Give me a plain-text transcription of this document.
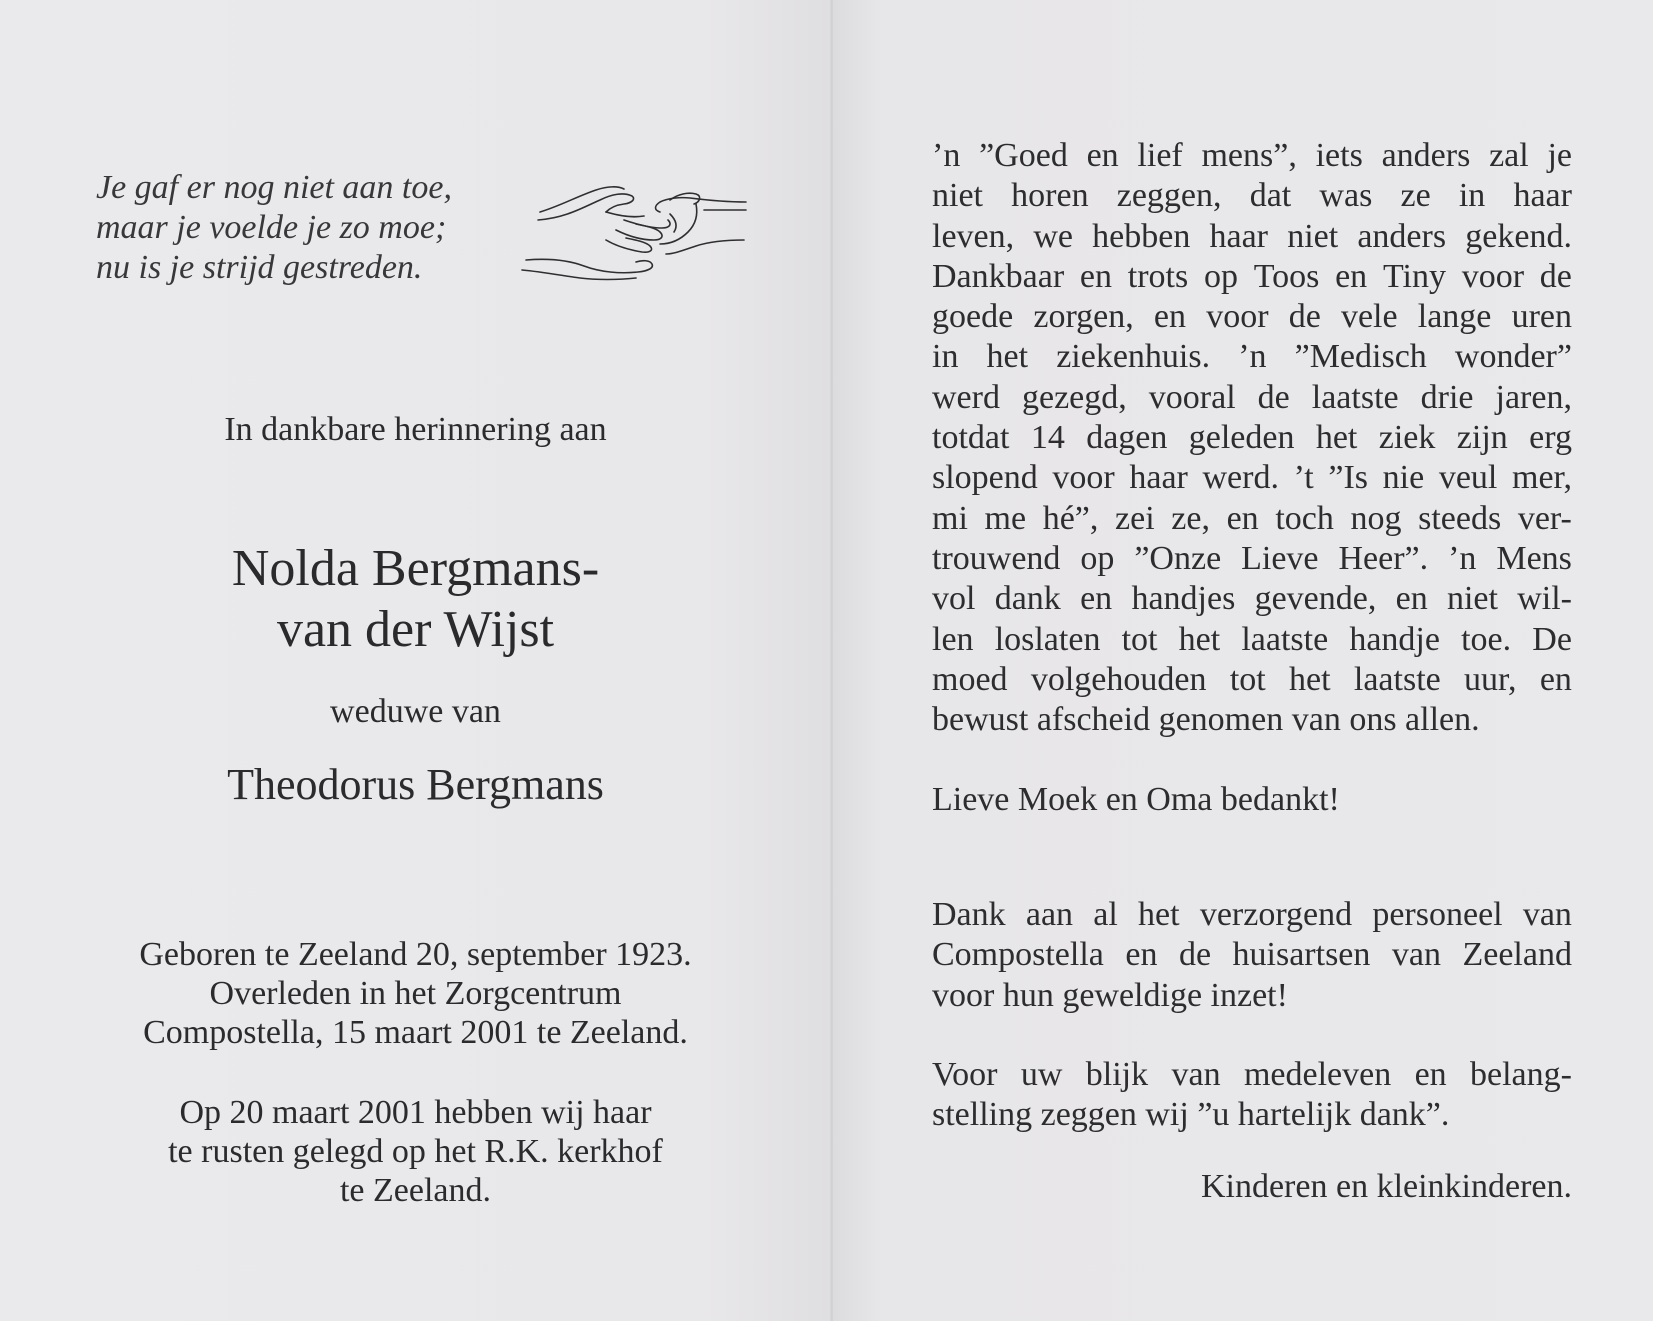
Je gaf er nog niet aan toe,
maar je voelde je zo moe;
nu is je strijd gestreden.
In dankbare herinnering aan
Nolda Bergmans-
van der Wijst
weduwe van
Theodorus Bergmans
Geboren te Zeeland 20, september 1923.
Overleden in het Zorgcentrum
Compostella, 15 maart 2001 te Zeeland.
Op 20 maart 2001 hebben wij haar
te rusten gelegd op het R.K. kerkhof
te Zeeland.
’n ”Goed en lief mens”, iets anders zal je
niet horen zeggen, dat was ze in haar
leven, we hebben haar niet anders gekend.
Dankbaar en trots op Toos en Tiny voor de
goede zorgen, en voor de vele lange uren
in het ziekenhuis. ’n ”Medisch wonder”
werd gezegd, vooral de laatste drie jaren,
totdat 14 dagen geleden het ziek zijn erg
slopend voor haar werd. ’t ”Is nie veul mer,
mi me hé”, zei ze, en toch nog steeds ver-
trouwend op ”Onze Lieve Heer”. ’n Mens
vol dank en handjes gevende, en niet wil-
len loslaten tot het laatste handje toe. De
moed volgehouden tot het laatste uur, en
bewust afscheid genomen van ons allen.
Lieve Moek en Oma bedankt!
Dank aan al het verzorgend personeel van
Compostella en de huisartsen van Zeeland
voor hun geweldige inzet!
Voor uw blijk van medeleven en belang-
stelling zeggen wij ”u hartelijk dank”.
Kinderen en kleinkinderen.
